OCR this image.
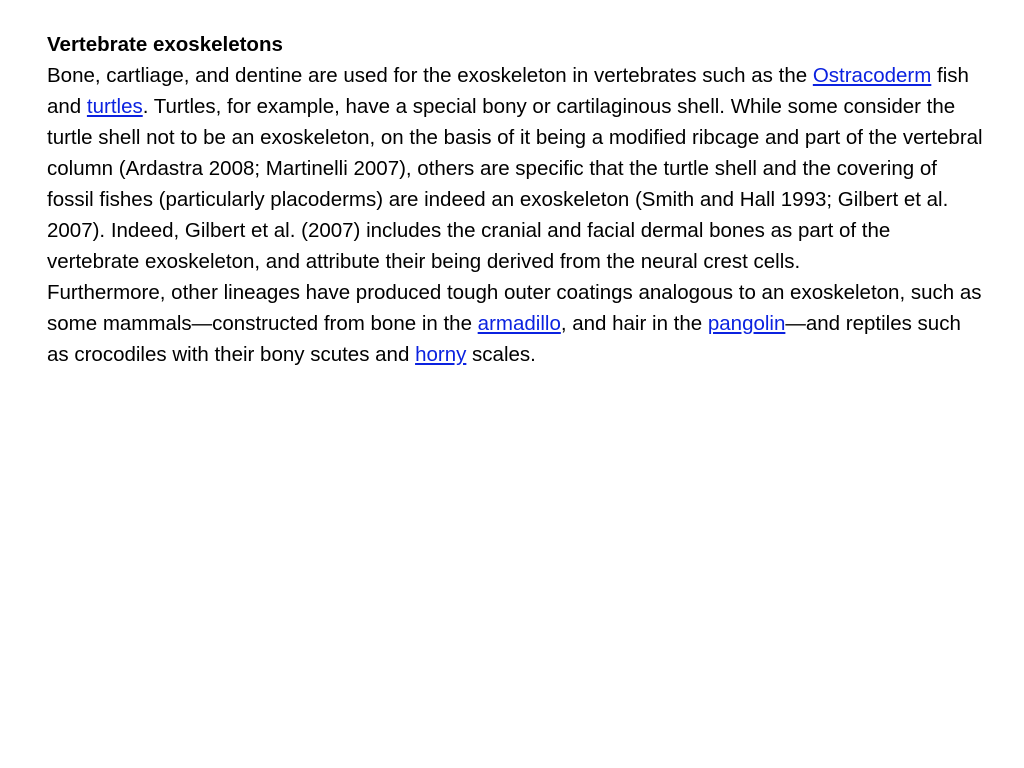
Vertebrate exoskeletons

Bone, cartliage, and dentine are used for the exoskeleton in vertebrates such as the Ostracoderm fish and turtles. Turtles, for example, have a special bony or cartilaginous shell. While some consider the turtle shell not to be an exoskeleton, on the basis of it being a modified ribcage and part of the vertebral column (Ardastra 2008; Martinelli 2007), others are specific that the turtle shell and the covering of fossil fishes (particularly placoderms) are indeed an exoskeleton (Smith and Hall 1993; Gilbert et al. 2007). Indeed, Gilbert et al. (2007) includes the cranial and facial dermal bones as part of the vertebrate exoskeleton, and attribute their being derived from the neural crest cells.

Furthermore, other lineages have produced tough outer coatings analogous to an exoskeleton, such as some mammals—constructed from bone in the armadillo, and hair in the pangolin—and reptiles such as crocodiles with their bony scutes and horny scales.
